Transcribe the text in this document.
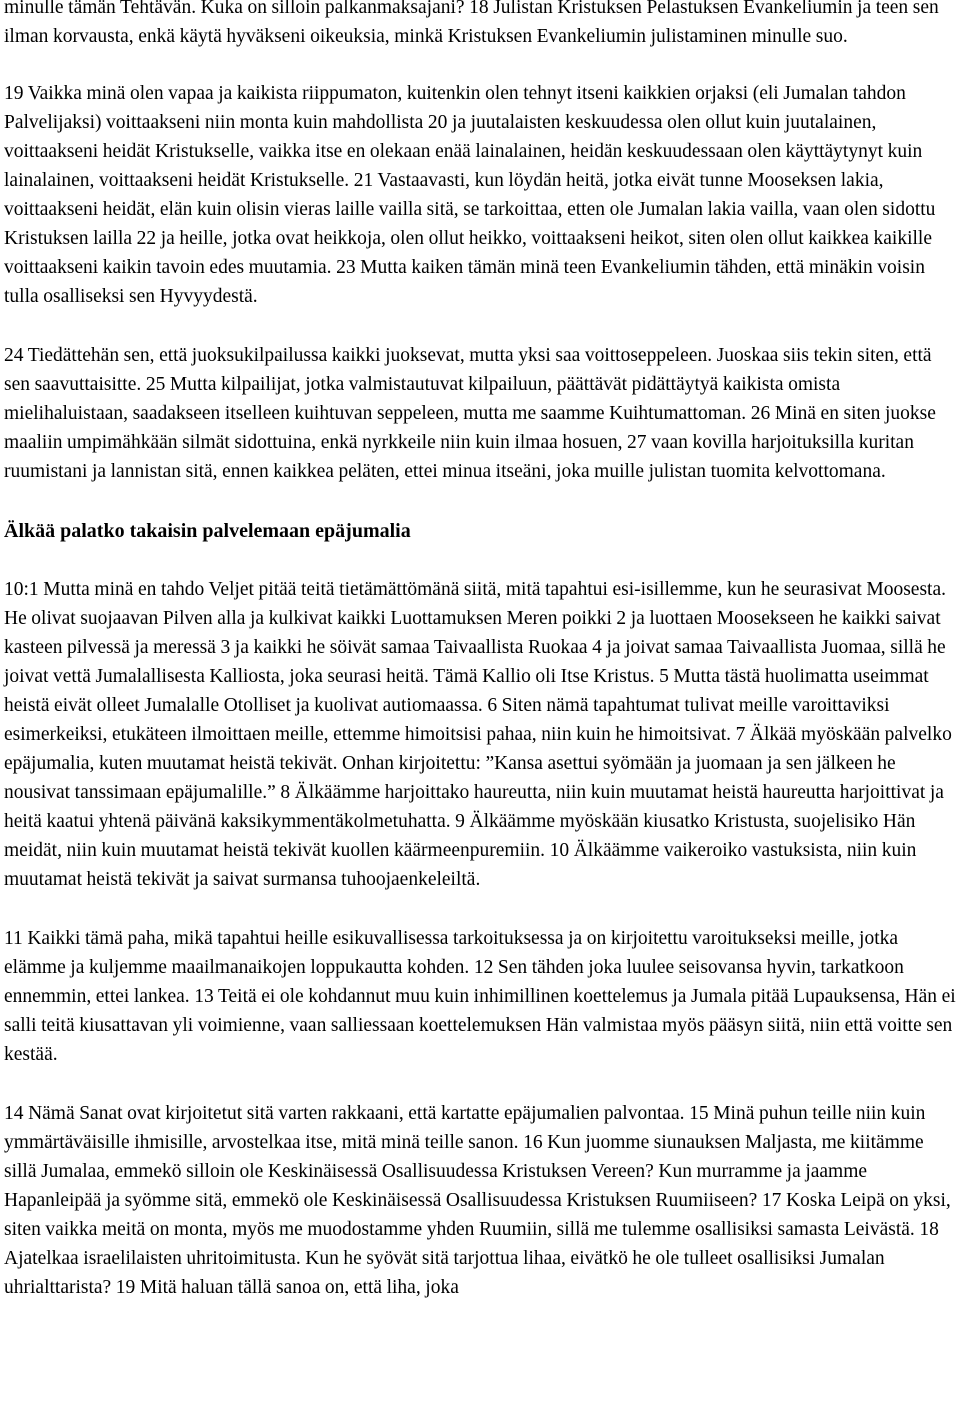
minulle tämän Tehtävän. Kuka on silloin palkanmaksajani? 18 Julistan Kristuksen Pelastuksen Evankeliumin ja teen sen ilman korvausta, enkä käytä hyväkseni oikeuksia, minkä Kristuksen Evankeliumin julistaminen minulle suo.

19 Vaikka minä olen vapaa ja kaikista riippumaton, kuitenkin olen tehnyt itseni kaikkien orjaksi (eli Jumalan tahdon Palvelijaksi) voittaakseni niin monta kuin mahdollista 20 ja juutalaisten keskuudessa olen ollut kuin juutalainen, voittaakseni heidät Kristukselle, vaikka itse en olekaan enää lainalainen, heidän keskuudessaan olen käyttäytynyt kuin lainalainen, voittaakseni heidät Kristukselle. 21 Vastaavasti, kun löydän heitä, jotka eivät tunne Mooseksen lakia, voittaakseni heidät, elän kuin olisin vieras laille vailla sitä, se tarkoittaa, etten ole Jumalan lakia vailla, vaan olen sidottu Kristuksen lailla 22 ja heille, jotka ovat heikkoja, olen ollut heikko, voittaakseni heikot, siten olen ollut kaikkea kaikille voittaakseni kaikin tavoin edes muutamia. 23 Mutta kaiken tämän minä teen Evankeliumin tähden, että minäkin voisin tulla osalliseksi sen Hyvyydestä.

24 Tiedättehän sen, että juoksukilpailussa kaikki juoksevat, mutta yksi saa voittoseppeleen. Juoskaa siis tekin siten, että sen saavuttaisitte. 25 Mutta kilpailijat, jotka valmistautuvat kilpailuun, päättävät pidättäytyä kaikista omista mielihaluistaan, saadakseen itselleen kuihtuvan seppeleen, mutta me saamme Kuihtumattoman. 26 Minä en siten juokse maaliin umpimähkään silmät sidottuina, enkä nyrkkeile niin kuin ilmaa hosuen, 27 vaan kovilla harjoituksilla kuritan ruumistani ja lannistan sitä, ennen kaikkea peläten, ettei minua itseäni, joka muille julistan tuomita kelvottomana.

Älkää palatko takaisin palvelemaan epäjumalia

10:1 Mutta minä en tahdo Veljet pitää teitä tietämättömänä siitä, mitä tapahtui esi-isillemme, kun he seurasivat Moosesta. He olivat suojaavan Pilven alla ja kulkivat kaikki Luottamuksen Meren poikki 2 ja luottaen Moosekseen he kaikki saivat kasteen pilvessä ja meressä 3 ja kaikki he söivät samaa Taivaallista Ruokaa 4 ja joivat samaa Taivaallista Juomaa, sillä he joivat vettä Jumalallisesta Kalliosta, joka seurasi heitä. Tämä Kallio oli Itse Kristus. 5 Mutta tästä huolimatta useimmat heistä eivät olleet Jumalalle Otolliset ja kuolivat autiomaassa. 6 Siten nämä tapahtumat tulivat meille varoittaviksi esimerkeiksi, etukäteen ilmoittaen meille, ettemme himoitsisi pahaa, niin kuin he himoitsivat. 7 Älkää myöskään palvelko epäjumalia, kuten muutamat heistä tekivät. Onhan kirjoitettu: ”Kansa asettui syömään ja juomaan ja sen jälkeen he nousivat tanssimaan epäjumalille.” 8 Älkäämme harjoittako haureutta, niin kuin muutamat heistä haureutta harjoittivat ja heitä kaatui yhtenä päivänä kaksikymmentäkolmetuhatta. 9 Älkäämme myöskään kiusatko Kristusta, suojelisiko Hän meidät, niin kuin muutamat heistä tekivät kuollen käärmeenpuremiin. 10 Älkäämme vaikeroiko vastuksista, niin kuin muutamat heistä tekivät ja saivat surmansa tuhoojaenkeleiltä.

11 Kaikki tämä paha, mikä tapahtui heille esikuvallisessa tarkoituksessa ja on kirjoitettu varoitukseksi meille, jotka elämme ja kuljemme maailmanaikojen loppukautta kohden. 12 Sen tähden joka luulee seisovansa hyvin, tarkatkoon ennemmin, ettei lankea. 13 Teitä ei ole kohdannut muu kuin inhimillinen koettelemus ja Jumala pitää Lupauksensa, Hän ei salli teitä kiusattavan yli voimienne, vaan salliessaan koettelemuksen Hän valmistaa myös pääsyn siitä, niin että voitte sen kestää.

14 Nämä Sanat ovat kirjoitetut sitä varten rakkaani, että kartatte epäjumalien palvontaa. 15 Minä puhun teille niin kuin ymmärtäväisille ihmisille, arvostelkaa itse, mitä minä teille sanon. 16 Kun juomme siunauksen Maljasta, me kiitämme sillä Jumalaa, emmekö silloin ole Keskinäisessä Osallisuudessa Kristuksen Vereen? Kun murramme ja jaamme Hapanleipää ja syömme sitä, emmekö ole Keskinäisessä Osallisuudessa Kristuksen Ruumiiseen? 17 Koska Leipä on yksi, siten vaikka meitä on monta, myös me muodostamme yhden Ruumiin, sillä me tulemme osallisiksi samasta Leivästä. 18 Ajatelkaa israelilaisten uhritoimitusta. Kun he syövät sitä tarjottua lihaa, eivätkö he ole tulleet osallisiksi Jumalan uhrialttarista? 19 Mitä haluan tällä sanoa on, että liha, joka
